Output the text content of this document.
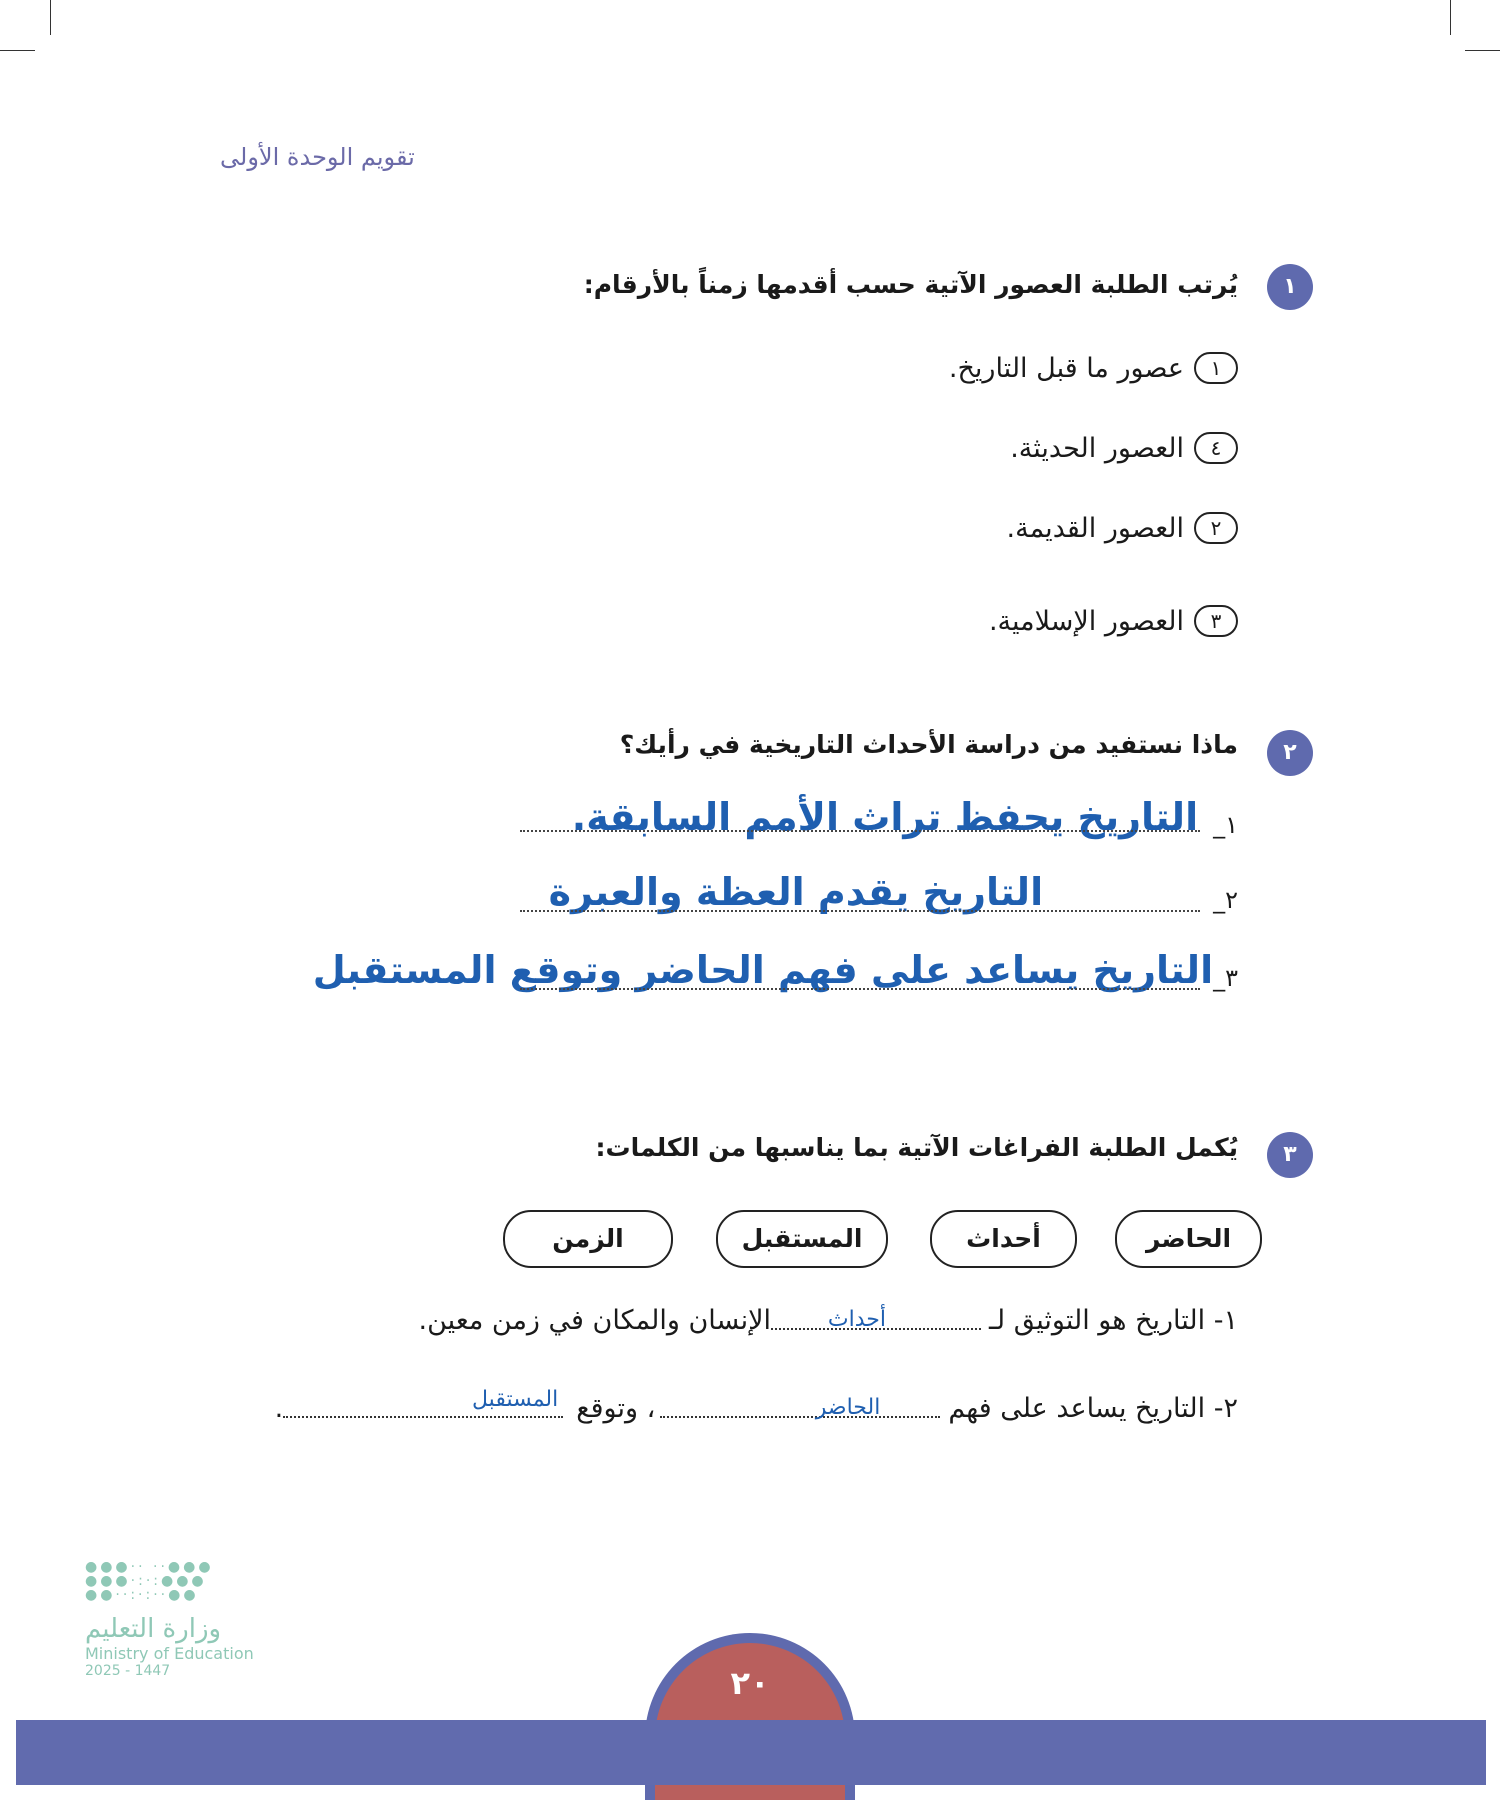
تقويم الوحدة الأولى
١
يُرتب الطلبة العصور الآتية حسب أقدمها زمناً بالأرقام:
١
عصور ما قبل التاريخ.
٤
العصور الحديثة.
٢
العصور القديمة.
٣
العصور الإسلامية.
٢
ماذا نستفيد من دراسة الأحداث التاريخية في رأيك؟
١_
التاريخ يحفظ تراث الأمم السابقة.
٢_
التاريخ يقدم العظة والعبرة
٣_
التاريخ يساعد على فهم الحاضر وتوقع المستقبل
٣
يُكمل الطلبة الفراغات الآتية بما يناسبها من الكلمات:
الحاضر
أحداث
المستقبل
الزمن
١- التاريخ هو التوثيق لـ
أحداث
الإنسان والمكان في زمن معين.
٢- التاريخ يساعد على فهم
الحاضر
، وتوقع
المستقبل
.
●●●·· ··●●●
●●●·:·:●●●
●●··:·:··●●
وزارة التعليم
Ministry of Education
2025 - 1447	٢٠
